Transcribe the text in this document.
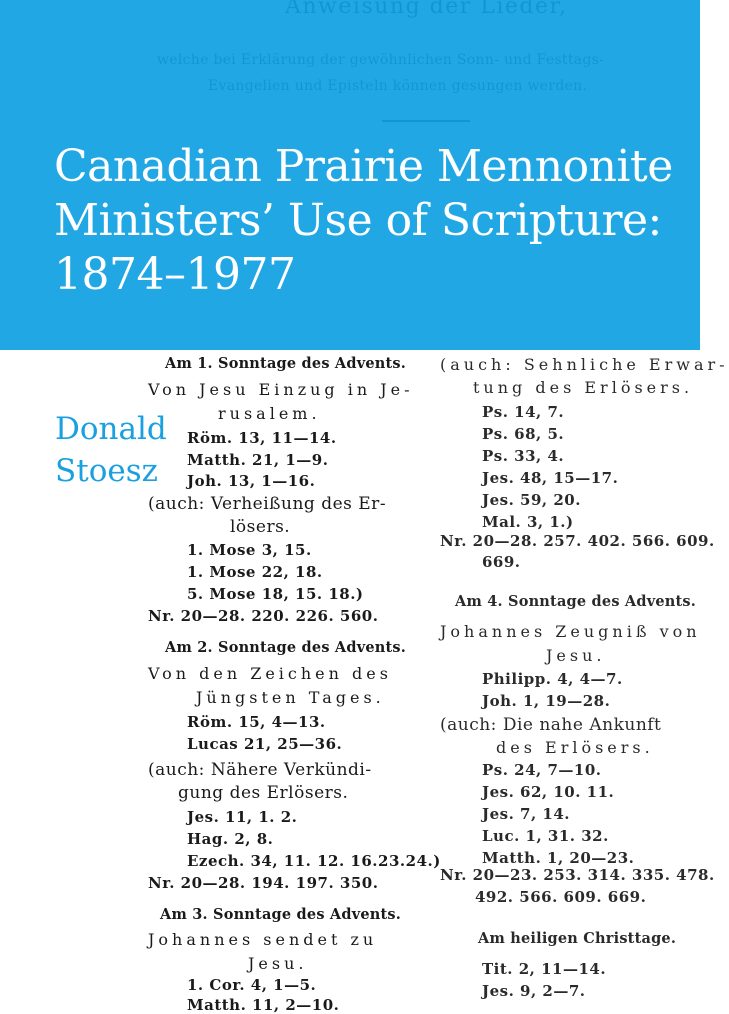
Am 1. Sonntage des Advents.
Von Jesu Einzug in Je-
rusalem.
Röm. 13, 11—14.
Matth. 21, 1—9.
Joh. 13, 1—16.
(auch: Verheißung des Er-
lösers.
1. Mose 3, 15.
1. Mose 22, 18.
5. Mose 18, 15. 18.)
Nr. 20—28. 220. 226. 560.
Am 2. Sonntage des Advents.
Von den Zeichen des
Jüngsten Tages.
Röm. 15, 4—13.
Lucas 21, 25—36.
(auch: Nähere Verkündi-
gung des Erlösers.
Jes. 11, 1. 2.
Hag. 2, 8.
Ezech. 34, 11. 12. 16.23.24.)
Nr. 20—28. 194. 197. 350.
Am 3. Sonntage des Advents.
Johannes sendet zu
Jesu.
1. Cor. 4, 1—5.
Matth. 11, 2—10.
(auch: Sehnliche Erwar-
tung des Erlösers.
Ps. 14, 7.
Ps. 68, 5.
Ps. 33, 4.
Jes. 48, 15—17.
Jes. 59, 20.
Mal. 3, 1.)
Nr. 20—28. 257. 402. 566. 609.
669.
Am 4. Sonntage des Advents.
Johannes Zeugniß von
Jesu.
Philipp. 4, 4—7.
Joh. 1, 19—28.
(auch: Die nahe Ankunft
des Erlösers.
Ps. 24, 7—10.
Jes. 62, 10. 11.
Jes. 7, 14.
Luc. 1, 31. 32.
Matth. 1, 20—23.
Nr. 20—23. 253. 314. 335. 478.
492. 566. 609. 669.
Am heiligen Christtage.
Tit. 2, 11—14.
Jes. 9, 2—7.
Canadian Prairie Mennonite
Ministers’ Use of Scripture:
1874–1977
Donald
Stoesz
